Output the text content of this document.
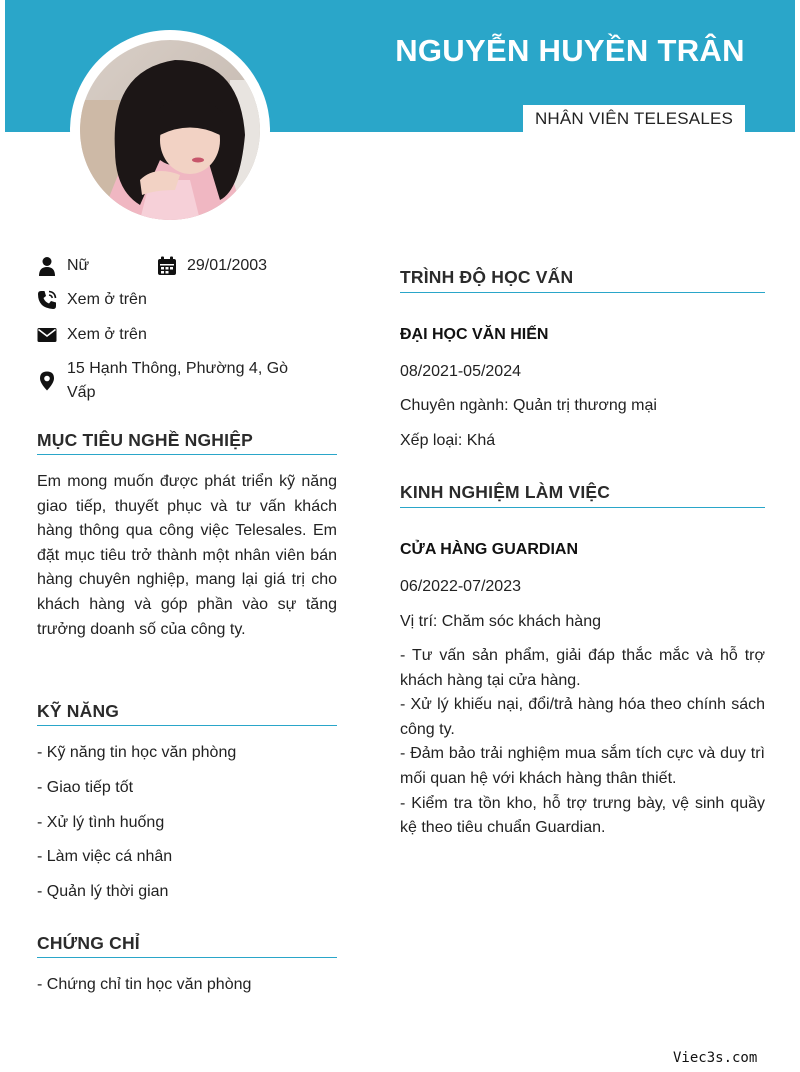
NGUYỄN HUYỀN TRÂN
NHÂN VIÊN TELESALES
Nữ	29/01/2003
Xem ở trên
Xem ở trên
15 Hạnh Thông, Phường 4, Gò Vấp
MỤC TIÊU NGHỀ NGHIỆP
Em mong muốn được phát triển kỹ năng giao tiếp, thuyết phục và tư vấn khách hàng thông qua công việc Telesales. Em đặt mục tiêu trở thành một nhân viên bán hàng chuyên nghiệp, mang lại giá trị cho khách hàng và góp phần vào sự tăng trưởng doanh số của công ty.
KỸ NĂNG
- Kỹ năng tin học văn phòng
- Giao tiếp tốt
- Xử lý tình huống
- Làm việc cá nhân
- Quản lý thời gian
CHỨNG CHỈ
- Chứng chỉ tin học văn phòng
TRÌNH ĐỘ HỌC VẤN
ĐẠI HỌC VĂN HIẾN
08/2021-05/2024
Chuyên ngành: Quản trị thương mại
Xếp loại: Khá
KINH NGHIỆM LÀM VIỆC
CỬA HÀNG GUARDIAN
06/2022-07/2023
Vị trí: Chăm sóc khách hàng
- Tư vấn sản phẩm, giải đáp thắc mắc và hỗ trợ khách hàng tại cửa hàng.
- Xử lý khiếu nại, đổi/trả hàng hóa theo chính sách công ty.
- Đảm bảo trải nghiệm mua sắm tích cực và duy trì mối quan hệ với khách hàng thân thiết.
- Kiểm tra tồn kho, hỗ trợ trưng bày, vệ sinh quầy kệ theo tiêu chuẩn Guardian.
Viec3s.com
